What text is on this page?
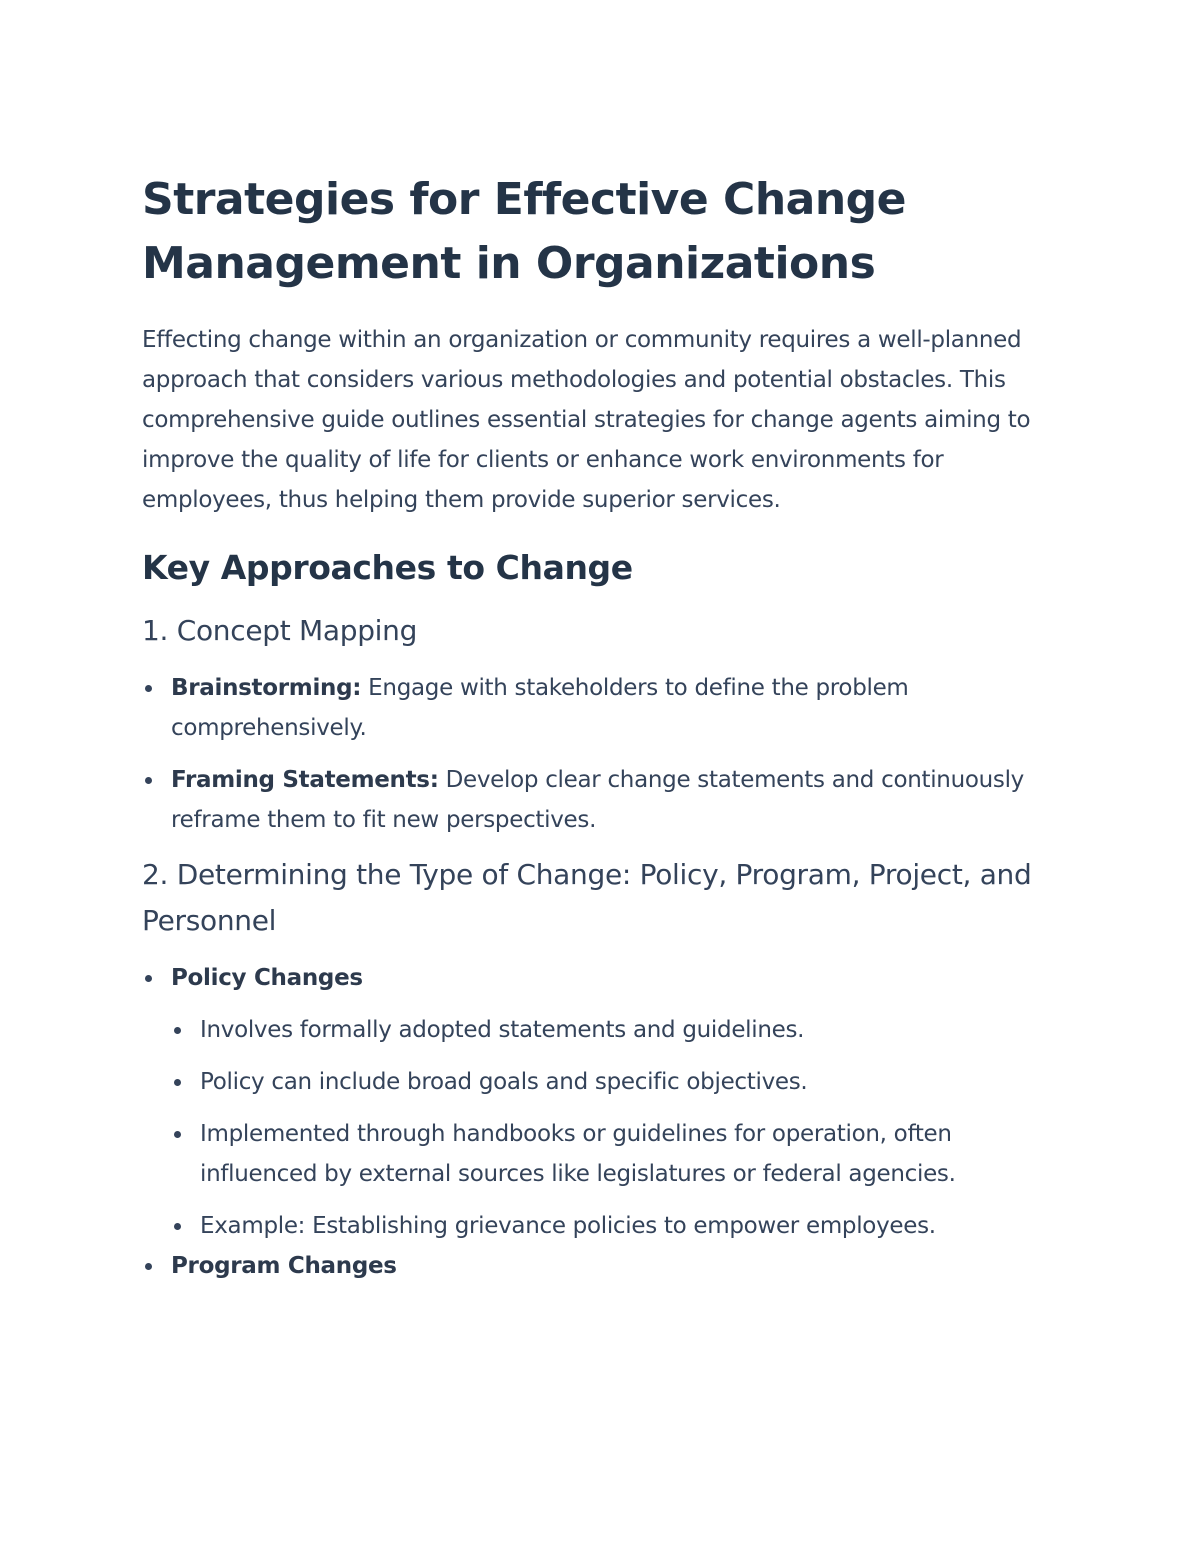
Strategies for Effective Change Management in Organizations

Effecting change within an organization or community requires a well-planned approach that considers various methodologies and potential obstacles. This comprehensive guide outlines essential strategies for change agents aiming to improve the quality of life for clients or enhance work environments for employees, thus helping them provide superior services.

Key Approaches to Change
1. Concept Mapping
Brainstorming: Engage with stakeholders to define the problem comprehensively.
Framing Statements: Develop clear change statements and continuously reframe them to fit new perspectives.
2. Determining the Type of Change: Policy, Program, Project, and Personnel
Policy Changes
Involves formally adopted statements and guidelines.
Policy can include broad goals and specific objectives.
Implemented through handbooks or guidelines for operation, often influenced by external sources like legislatures or federal agencies.
Example: Establishing grievance policies to empower employees.
Program Changes
